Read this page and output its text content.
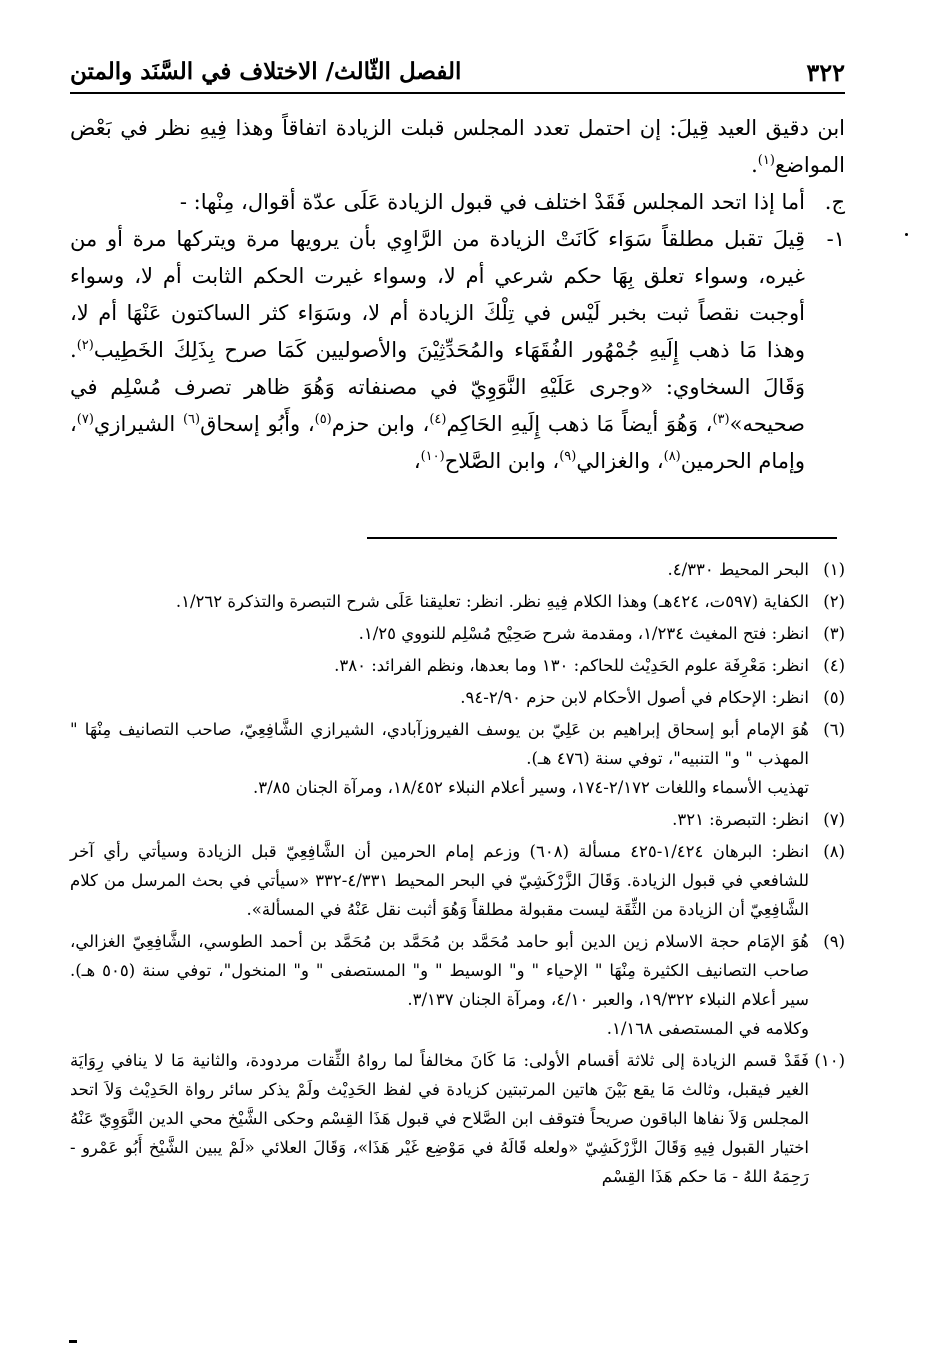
٣٢٢
الفصل الثّالث/ الاختلاف في السَّنَد والمتن

ابن دقيق العيد قِيلَ: إن احتمل تعدد المجلس قبلت الزيادة اتفاقاً وهذا فِيهِ نظر في بَعْض المواضع$^{(١)}$.

ج.
أما إذا اتحد المجلس فَقَدْ اختلف في قبول الزيادة عَلَى عدّة أقوال، مِنْها: -

١-
قِيلَ تقبل مطلقاً سَوَاء كَانَتْ الزيادة من الرَّاوِي بأن يرويها مرة ويتركها مرة أو من غيره، وسواء تعلق بِهَا حكم شرعي أم لا، وسواء غيرت الحكم الثابت أم لا، وسواء أوجبت نقصاً ثبت بخبر لَيْس في تِلْكَ الزيادة أم لا، وسَوَاء كثر الساكتون عَنْهَا أم لا، وهذا مَا ذهب إِلَيهِ جُمْهُور الفُقَهَاء والمُحَدِّثِيْنَ والأصوليين كَمَا صرح بِذَلِكَ الخَطِيب$^{(٢)}$. وَقَالَ السخاوي: «وجرى عَلَيْهِ النَّوَوِيّ في مصنفاته وَهُوَ ظاهر تصرف مُسْلِم في صحيحه»$^{(٣)}$، وَهُوَ أيضاً مَا ذهب إِلَيهِ الحَاكِم$^{(٤)}$، وابن حزم$^{(٥)}$، وأَبُو إسحاق$^{(٦)}$ الشيرازي$^{(٧)}$، وإمام الحرمين$^{(٨)}$، والغزالي$^{(٩)}$، وابن الصَّلاح$^{(١٠)}$،

(١)
البحر المحيط ٤/٣٣٠.

(٢)
الكفاية (٥٩٧ت، ٤٢٤هـ) وهذا الكلام فِيهِ نظر. انظر: تعليقنا عَلَى شرح التبصرة والتذكرة ١/٢٦٢.

(٣)
انظر: فتح المغيث ١/٢٣٤، ومقدمة شرح صَحِيْح مُسْلِم للنووي ١/٢٥.

(٤)
انظر: مَعْرِفَة علوم الحَدِيْث للحاكم: ١٣٠ وما بعدها، ونظم الفرائد: ٣٨٠.

(٥)
انظر: الإحكام في أصول الأحكام لابن حزم ٢/٩٠-٩٤.

(٦)
هُوَ الإمام أبو إسحاق إبراهيم بن عَلِيّ بن يوسف الفيروزآبادي، الشيرازي الشَّافِعِيّ، صاحب التصانيف مِنْهَا " المهذب " و" التنبيه"، توفي سنة (٤٧٦ هـ).

تهذيب الأسماء واللغات ٢/١٧٢-١٧٤، وسير أعلام النبلاء ١٨/٤٥٢، ومرآة الجنان ٣/٨٥.

(٧)
انظر: التبصرة: ٣٢١.

(٨)
انظر: البرهان ١/٤٢٤-٤٢٥ مسألة (٦٠٨) وزعم إمام الحرمين أن الشَّافِعِيّ قبل الزيادة وسيأتي رأي آخر للشافعي في قبول الزيادة. وَقَالَ الزَّرْكَشِيّ في البحر المحيط ٤/٣٣١-٣٣٢ «سيأتي في بحث المرسل من كلام الشَّافِعِيّ أن الزيادة من الثِّقَة ليست مقبولة مطلقاً وَهُوَ أثبت نقل عَنْهُ في المسألة».

(٩)
هُوَ الإمَام حجة الاسلام زين الدين أبو حامد مُحَمَّد بن مُحَمَّد بن مُحَمَّد بن أحمد الطوسي، الشَّافِعِيّ الغزالي، صاحب التصانيف الكثيرة مِنْهَا " الإحياء " و" الوسيط " و" المستصفى " و" المنخول"، توفي سنة (٥٠٥ هـ). سير أعلام النبلاء ١٩/٣٢٢، والعبر ٤/١٠، ومرآة الجنان ٣/١٣٧.

وكلامه في المستصفى ١/١٦٨.

(١٠)
فَقَدْ قسم الزيادة إلى ثلاثة أقسام الأولى: مَا كَانَ مخالفاً لما رواهُ الثِّقات مردودة، والثانية مَا لا ينافي رِوَايَة الغير فيقبل، وثالث مَا يقع بَيْنَ هاتين المرتبتين كزيادة في لفظ الحَدِيْث ولَمْ يذكر سائر رواة الحَدِيْث وَلاَ اتحد المجلس وَلاَ نفاها الباقون صريحاً فتوقف ابن الصَّلاح في قبول هَذَا القِسْم وحكى الشَّيْخ محي الدين النَّوَوِيّ عَنْهُ اختيار القبول فِيهِ وَقَالَ الزَّرْكَشِيّ «ولعله قَالَهُ في مَوْضِع غَيْر هَذَا»، وَقَالَ العلائي «لَمْ يبين الشَّيْخ أَبُو عَمْرو - رَحِمَهُ اللهُ - مَا حكم هَذَا القِسْم
